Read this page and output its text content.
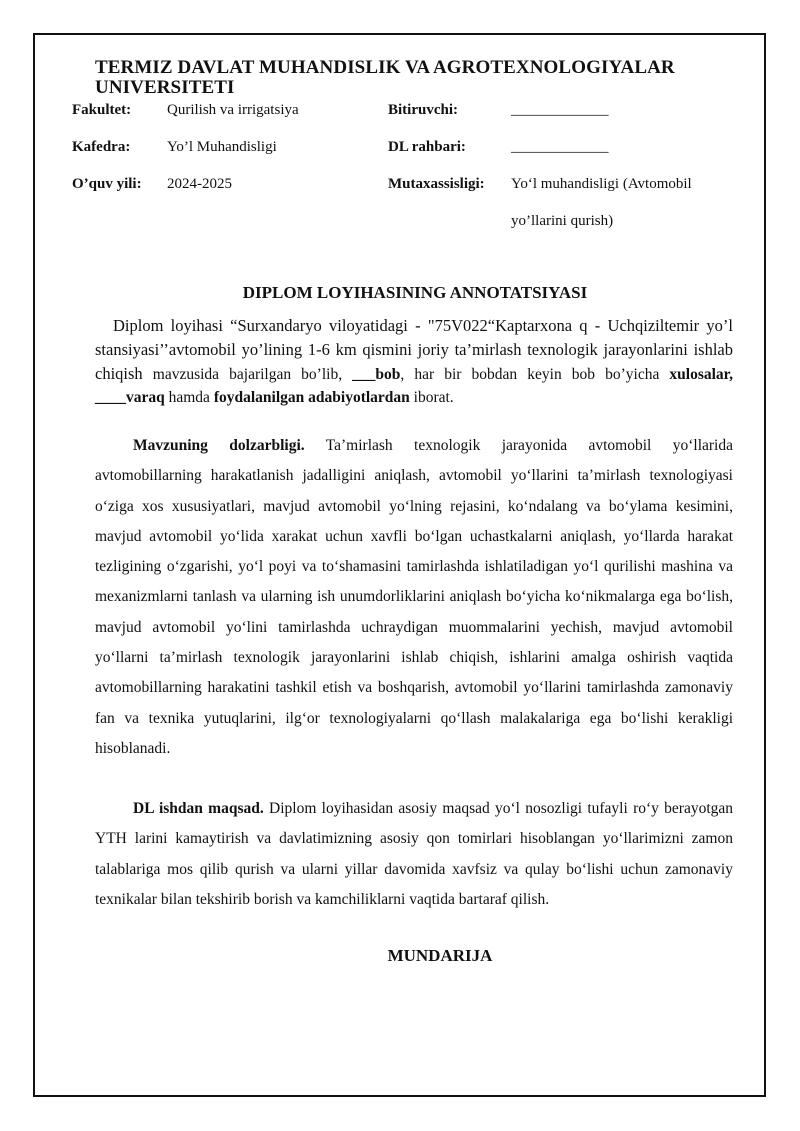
TERMIZ DAVLAT MUHANDISLIK VA AGROTEXNOLOGIYALAR UNIVERSITETI
Fakultet: Qurilish va irrigatsiya	Bitiruvchi:	_____________
Kafedra: Yo’l Muhandisligi	DL rahbari:	_____________
O’quv yili: 2024-2025	Mutaxassisligi: Yo‘l muhandisligi (Avtomobil
yo’llarini qurish)
DIPLOM LOYIHASINING ANNOTATSIYASI

Diplom loyihasi “Surxandaryo viloyatidagi - "75V022“Kaptarxona q - Uchqiziltemir yo’l stansiyasi’’avtomobil yo’lining 1-6 km qismini joriy ta’mirlash texnologik jarayonlarini ishlab chiqish mavzusida bajarilgan bo’lib, ___bob, har bir bobdan keyin bob bo’yicha xulosalar, ____varaq hamda foydalanilgan adabiyotlardan iborat.

Mavzuning dolzarbligi. Ta’mirlash texnologik jarayonida avtomobil yo‘llarida avtomobillarning harakatlanish jadalligini aniqlash, avtomobil yo‘llarini ta’mirlash texnologiyasi o‘ziga xos xususiyatlari, mavjud avtomobil yo‘lning rejasini, ko‘ndalang va bo‘ylama kesimini, mavjud avtomobil yo‘lida xarakat uchun xavfli bo‘lgan uchastkalarni aniqlash, yo‘llarda harakat tezligining o‘zgarishi, yo‘l poyi va to‘shamasini tamirlashda ishlatiladigan yo‘l qurilishi mashina va mexanizmlarni tanlash va ularning ish unumdorliklarini aniqlash bo‘yicha ko‘nikmalarga ega bo‘lish, mavjud avtomobil yo‘lini tamirlashda uchraydigan muommalarini yechish, mavjud avtomobil yo‘llarni ta’mirlash texnologik jarayonlarini ishlab chiqish, ishlarini amalga oshirish vaqtida avtomobillarning harakatini tashkil etish va boshqarish, avtomobil yo‘llarini tamirlashda zamonaviy fan va texnika yutuqlarini, ilg‘or texnologiyalarni qo‘llash malakalariga ega bo‘lishi kerakligi hisoblanadi.

DL ishdan maqsad. Diplom loyihasidan asosiy maqsad yo‘l nosozligi tufayli ro‘y berayotgan YTH larini kamaytirish va davlatimizning asosiy qon tomirlari hisoblangan yo‘llarimizni zamon talablariga mos qilib qurish va ularni yillar davomida xavfsiz va qulay bo‘lishi uchun zamonaviy texnikalar bilan tekshirib borish va kamchiliklarni vaqtida bartaraf qilish.

MUNDARIJA
